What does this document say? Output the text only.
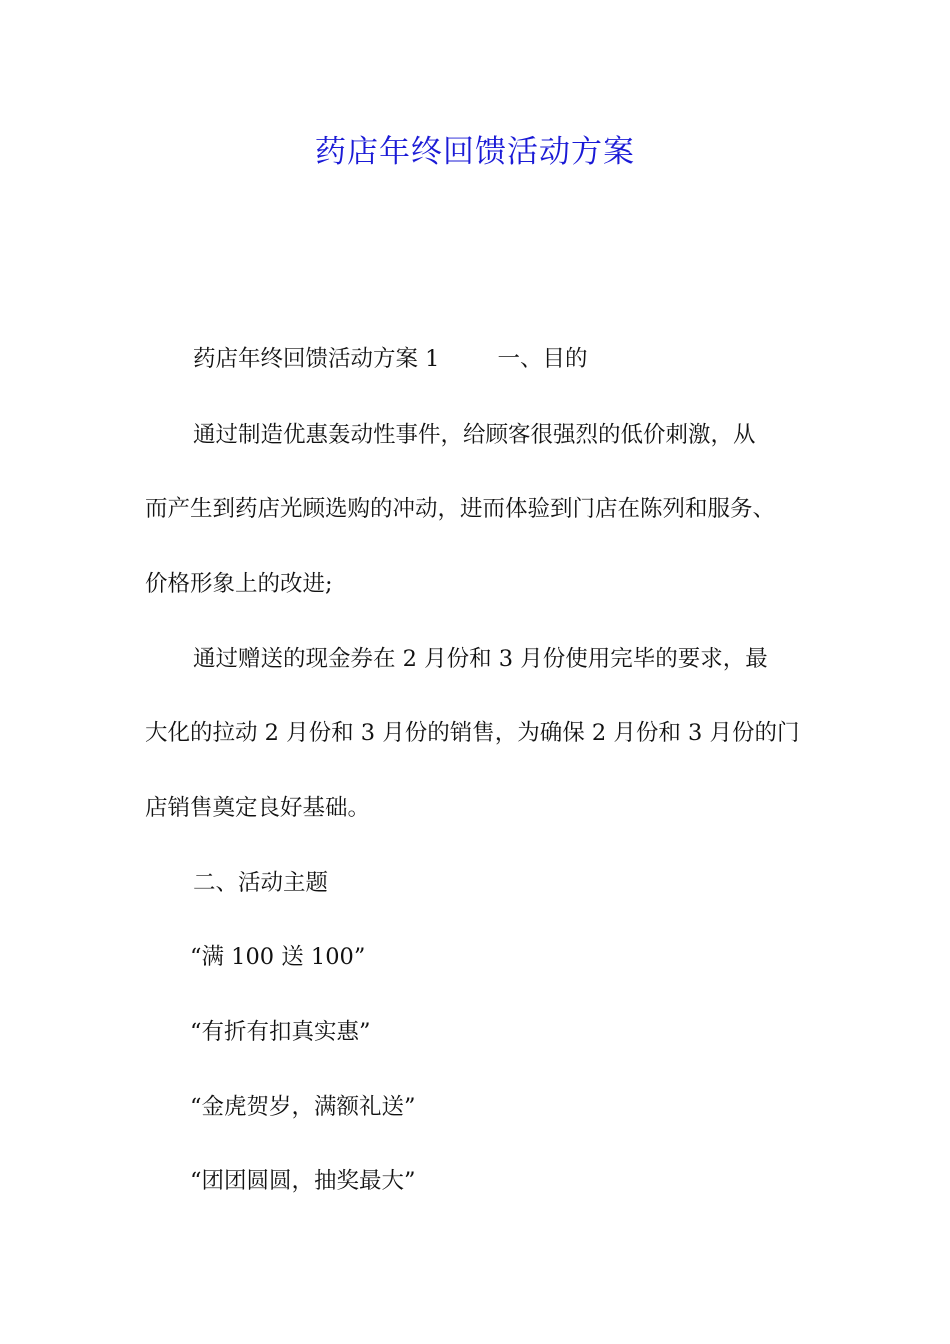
药店年终回馈活动方案
药店年终回馈活动方案 1	一、目的
通过制造优惠轰动性事件，给顾客很强烈的低价刺激，从
而产生到药店光顾选购的冲动，进而体验到门店在陈列和服务、
价格形象上的改进;
通过赠送的现金券在 2 月份和 3 月份使用完毕的要求，最
大化的拉动 2 月份和 3 月份的销售，为确保 2 月份和 3 月份的门
店销售奠定良好基础。
二、活动主题
“满 100 送 100”
“有折有扣真实惠”
“金虎贺岁，满额礼送”
“团团圆圆，抽奖最大”
